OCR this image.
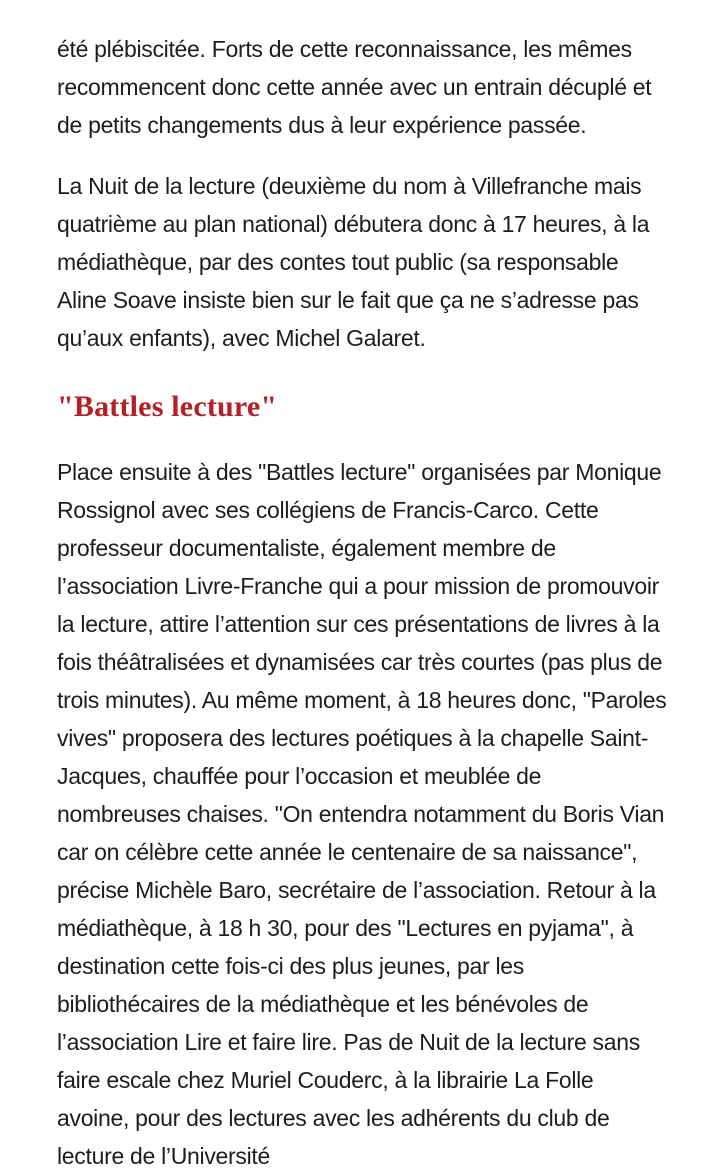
été plébiscitée. Forts de cette reconnaissance, les mêmes recommencent donc cette année avec un entrain décuplé et de petits changements dus à leur expérience passée.

La Nuit de la lecture (deuxième du nom à Villefranche mais quatrième au plan national) débutera donc à 17 heures, à la médiathèque, par des contes tout public (sa responsable Aline Soave insiste bien sur le fait que ça ne s’adresse pas qu’aux enfants), avec Michel Galaret.

"Battles lecture"

Place ensuite à des "Battles lecture" organisées par Monique Rossignol avec ses collégiens de Francis-Carco. Cette professeur documentaliste, également membre de l’association Livre-Franche qui a pour mission de promouvoir la lecture, attire l’attention sur ces présentations de livres à la fois théâtralisées et dynamisées car très courtes (pas plus de trois minutes). Au même moment, à 18 heures donc, "Paroles vives" proposera des lectures poétiques à la chapelle Saint-Jacques, chauffée pour l’occasion et meublée de nombreuses chaises. "On entendra notamment du Boris Vian car on célèbre cette année le centenaire de sa naissance", précise Michèle Baro, secrétaire de l’association. Retour à la médiathèque, à 18 h 30, pour des "Lectures en pyjama", à destination cette fois-ci des plus jeunes, par les bibliothécaires de la médiathèque et les bénévoles de l’association Lire et faire lire. Pas de Nuit de la lecture sans faire escale chez Muriel Couderc, à la librairie La Folle avoine, pour des lectures avec les adhérents du club de lecture de l’Université
